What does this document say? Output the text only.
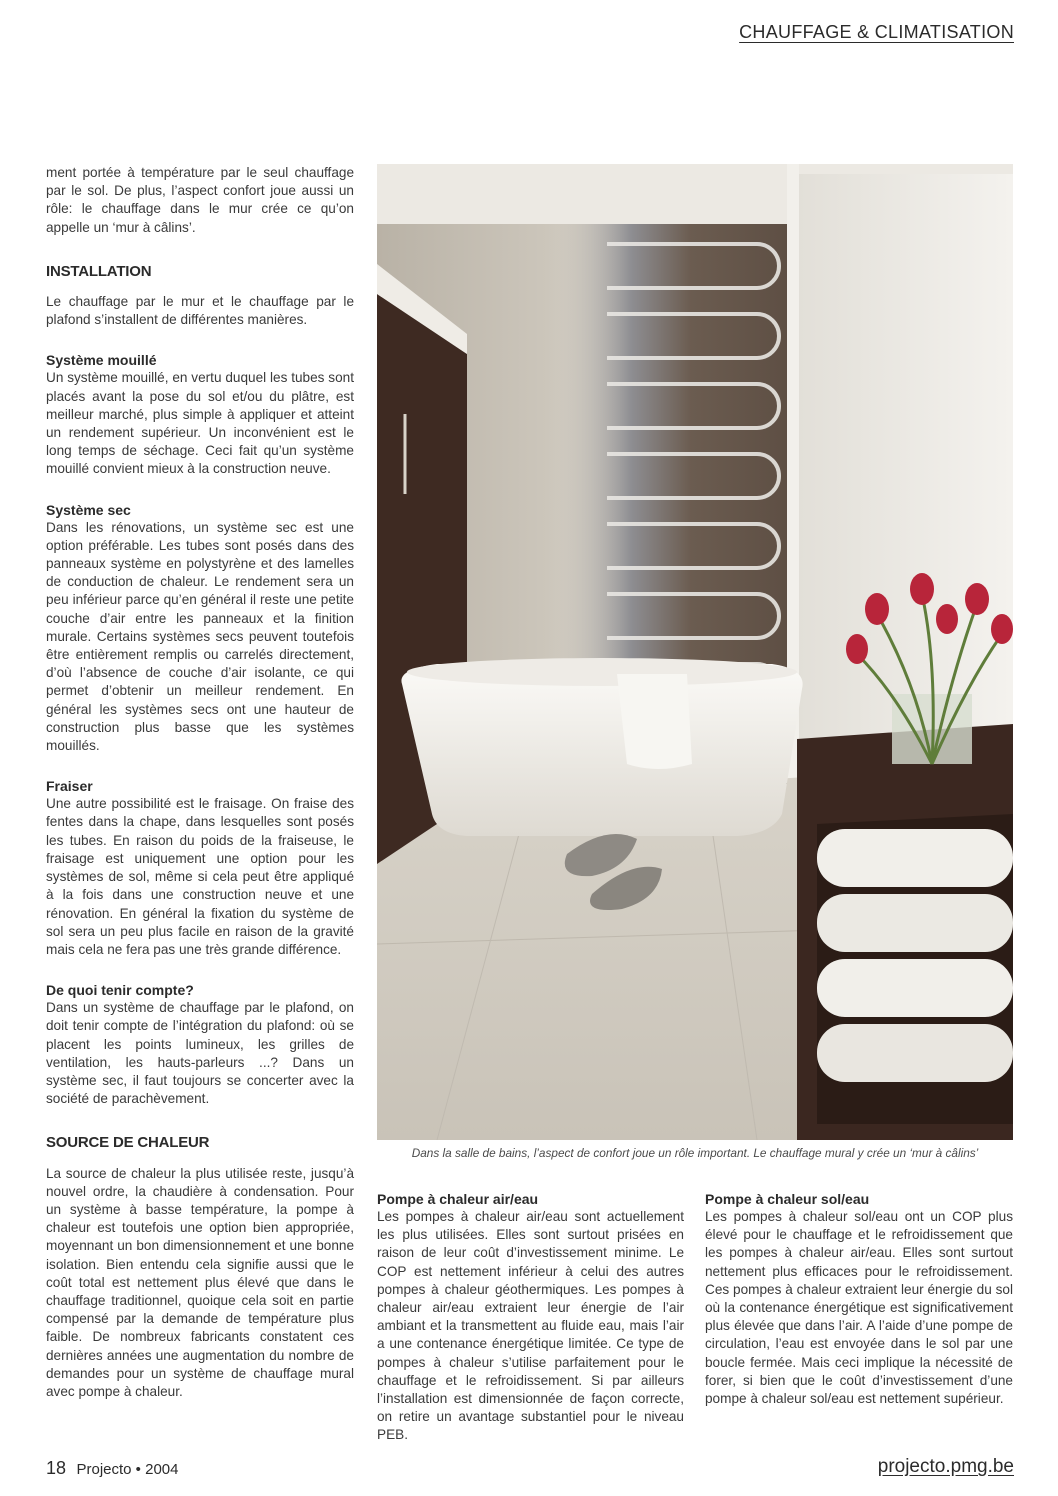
CHAUFFAGE & CLIMATISATION

ment portée à température par le seul chauffage par le sol. De plus, l’aspect confort joue aussi un rôle: le chauffage dans le mur crée ce qu’on appelle un ‘mur à câlins’.

INSTALLATION

Le chauffage par le mur et le chauffage par le plafond s’installent de différentes manières.

Système mouillé

Un système mouillé, en vertu duquel les tubes sont placés avant la pose du sol et/ou du plâtre, est meilleur marché, plus simple à appliquer et atteint un rendement supérieur. Un inconvénient est le long temps de séchage. Ceci fait qu’un système mouillé convient mieux à la construction neuve.

Système sec

Dans les rénovations, un système sec est une option préférable. Les tubes sont posés dans des panneaux système en polystyrène et des lamelles de conduction de chaleur. Le rendement sera un peu inférieur parce qu’en général il reste une petite couche d’air entre les panneaux et la finition murale. Certains systèmes secs peuvent toutefois être entièrement remplis ou carrelés directement, d’où l’absence de couche d’air isolante, ce qui permet d’obtenir un meilleur rendement. En général les systèmes secs ont une hauteur de construction plus basse que les systèmes mouillés.

Fraiser

Une autre possibilité est le fraisage. On fraise des fentes dans la chape, dans lesquelles sont posés les tubes. En raison du poids de la fraiseuse, le fraisage est uniquement une option pour les systèmes de sol, même si cela peut être appliqué à la fois dans une construction neuve et une rénovation. En général la fixation du système de sol sera un peu plus facile en raison de la gravité mais cela ne fera pas une très grande différence.

De quoi tenir compte?

Dans un système de chauffage par le plafond, on doit tenir compte de l’intégration du plafond: où se placent les points lumineux, les grilles de ventilation, les hauts-parleurs ...? Dans un système sec, il faut toujours se concerter avec la société de parachèvement.

SOURCE DE CHALEUR

La source de chaleur la plus utilisée reste, jusqu’à nouvel ordre, la chaudière à condensation. Pour un système à basse température, la pompe à chaleur est toutefois une option bien appropriée, moyennant un bon dimensionnement et une bonne isolation. Bien entendu cela signifie aussi que le coût total est nettement plus élevé que dans le chauffage traditionnel, quoique cela soit en partie compensé par la demande de température plus faible. De nombreux fabricants constatent ces dernières années une augmentation du nombre de demandes pour un système de chauffage mural avec pompe à chaleur.

Dans la salle de bains, l’aspect de confort joue un rôle important. Le chauffage mural y crée un ‘mur à câlins’
Pompe à chaleur air/eau

Les pompes à chaleur air/eau sont actuellement les plus utilisées. Elles sont surtout prisées en raison de leur coût d’investissement minime. Le COP est nettement inférieur à celui des autres pompes à chaleur géothermiques. Les pompes à chaleur air/eau extraient leur énergie de l’air ambiant et la transmettent au fluide eau, mais l’air a une contenance énergétique limitée. Ce type de pompes à chaleur s’utilise parfaitement pour le chauffage et le refroidissement. Si par ailleurs l’installation est dimensionnée de façon correcte, on retire un avantage substantiel pour le niveau PEB.

Pompe à chaleur sol/eau

Les pompes à chaleur sol/eau ont un COP plus élevé pour le chauffage et le refroidissement que les pompes à chaleur air/eau. Elles sont surtout nettement plus efficaces pour le refroidissement. Ces pompes à chaleur extraient leur énergie du sol où la contenance énergétique est significativement plus élevée que dans l’air. A l’aide d’une pompe de circulation, l’eau est envoyée dans le sol par une boucle fermée. Mais ceci implique la nécessité de forer, si bien que le coût d’investissement d’une pompe à chaleur sol/eau est nettement supérieur.

18 Projecto • 2004	projecto.pmg.be
